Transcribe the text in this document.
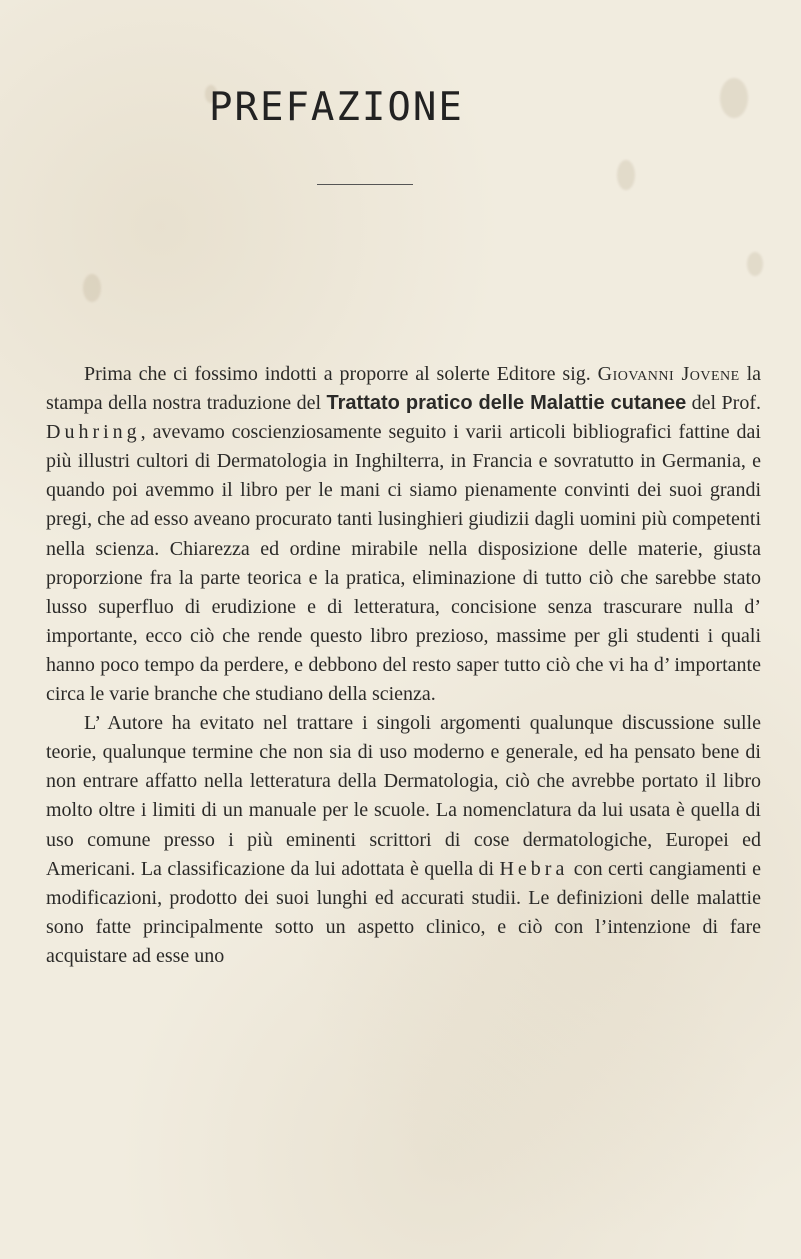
PREFAZIONE

Prima che ci fossimo indotti a proporre al solerte Editore sig. Giovanni Jovene la stampa della nostra traduzione del Trattato pratico delle Malattie cutanee del Prof. Duhring, avevamo coscienziosamente seguito i varii articoli bibliografici fattine dai più illustri cultori di Dermatologia in Inghilterra, in Francia e sovratutto in Germania, e quando poi avemmo il libro per le mani ci siamo pienamente convinti dei suoi grandi pregi, che ad esso aveano procurato tanti lusinghieri giudizii dagli uomini più competenti nella scienza. Chiarezza ed ordine mirabile nella disposizione delle materie, giusta proporzione fra la parte teorica e la pratica, eliminazione di tutto ciò che sarebbe stato lusso superfluo di erudizione e di letteratura, concisione senza trascurare nulla d’ importante, ecco ciò che rende questo libro prezioso, massime per gli studenti i quali hanno poco tempo da perdere, e debbono del resto saper tutto ciò che vi ha d’ importante circa le varie branche che studiano della scienza.

L’ Autore ha evitato nel trattare i singoli argomenti qualunque discussione sulle teorie, qualunque termine che non sia di uso moderno e generale, ed ha pensato bene di non entrare affatto nella letteratura della Dermatologia, ciò che avrebbe portato il libro molto oltre i limiti di un manuale per le scuole. La nomenclatura da lui usata è quella di uso comune presso i più eminenti scrittori di cose dermatologiche, Europei ed Americani. La classificazione da lui adottata è quella di Hebra con certi cangiamenti e modificazioni, prodotto dei suoi lunghi ed accurati studii. Le definizioni delle malattie sono fatte principalmente sotto un aspetto clinico, e ciò con l’intenzione di fare acquistare ad esse uno
